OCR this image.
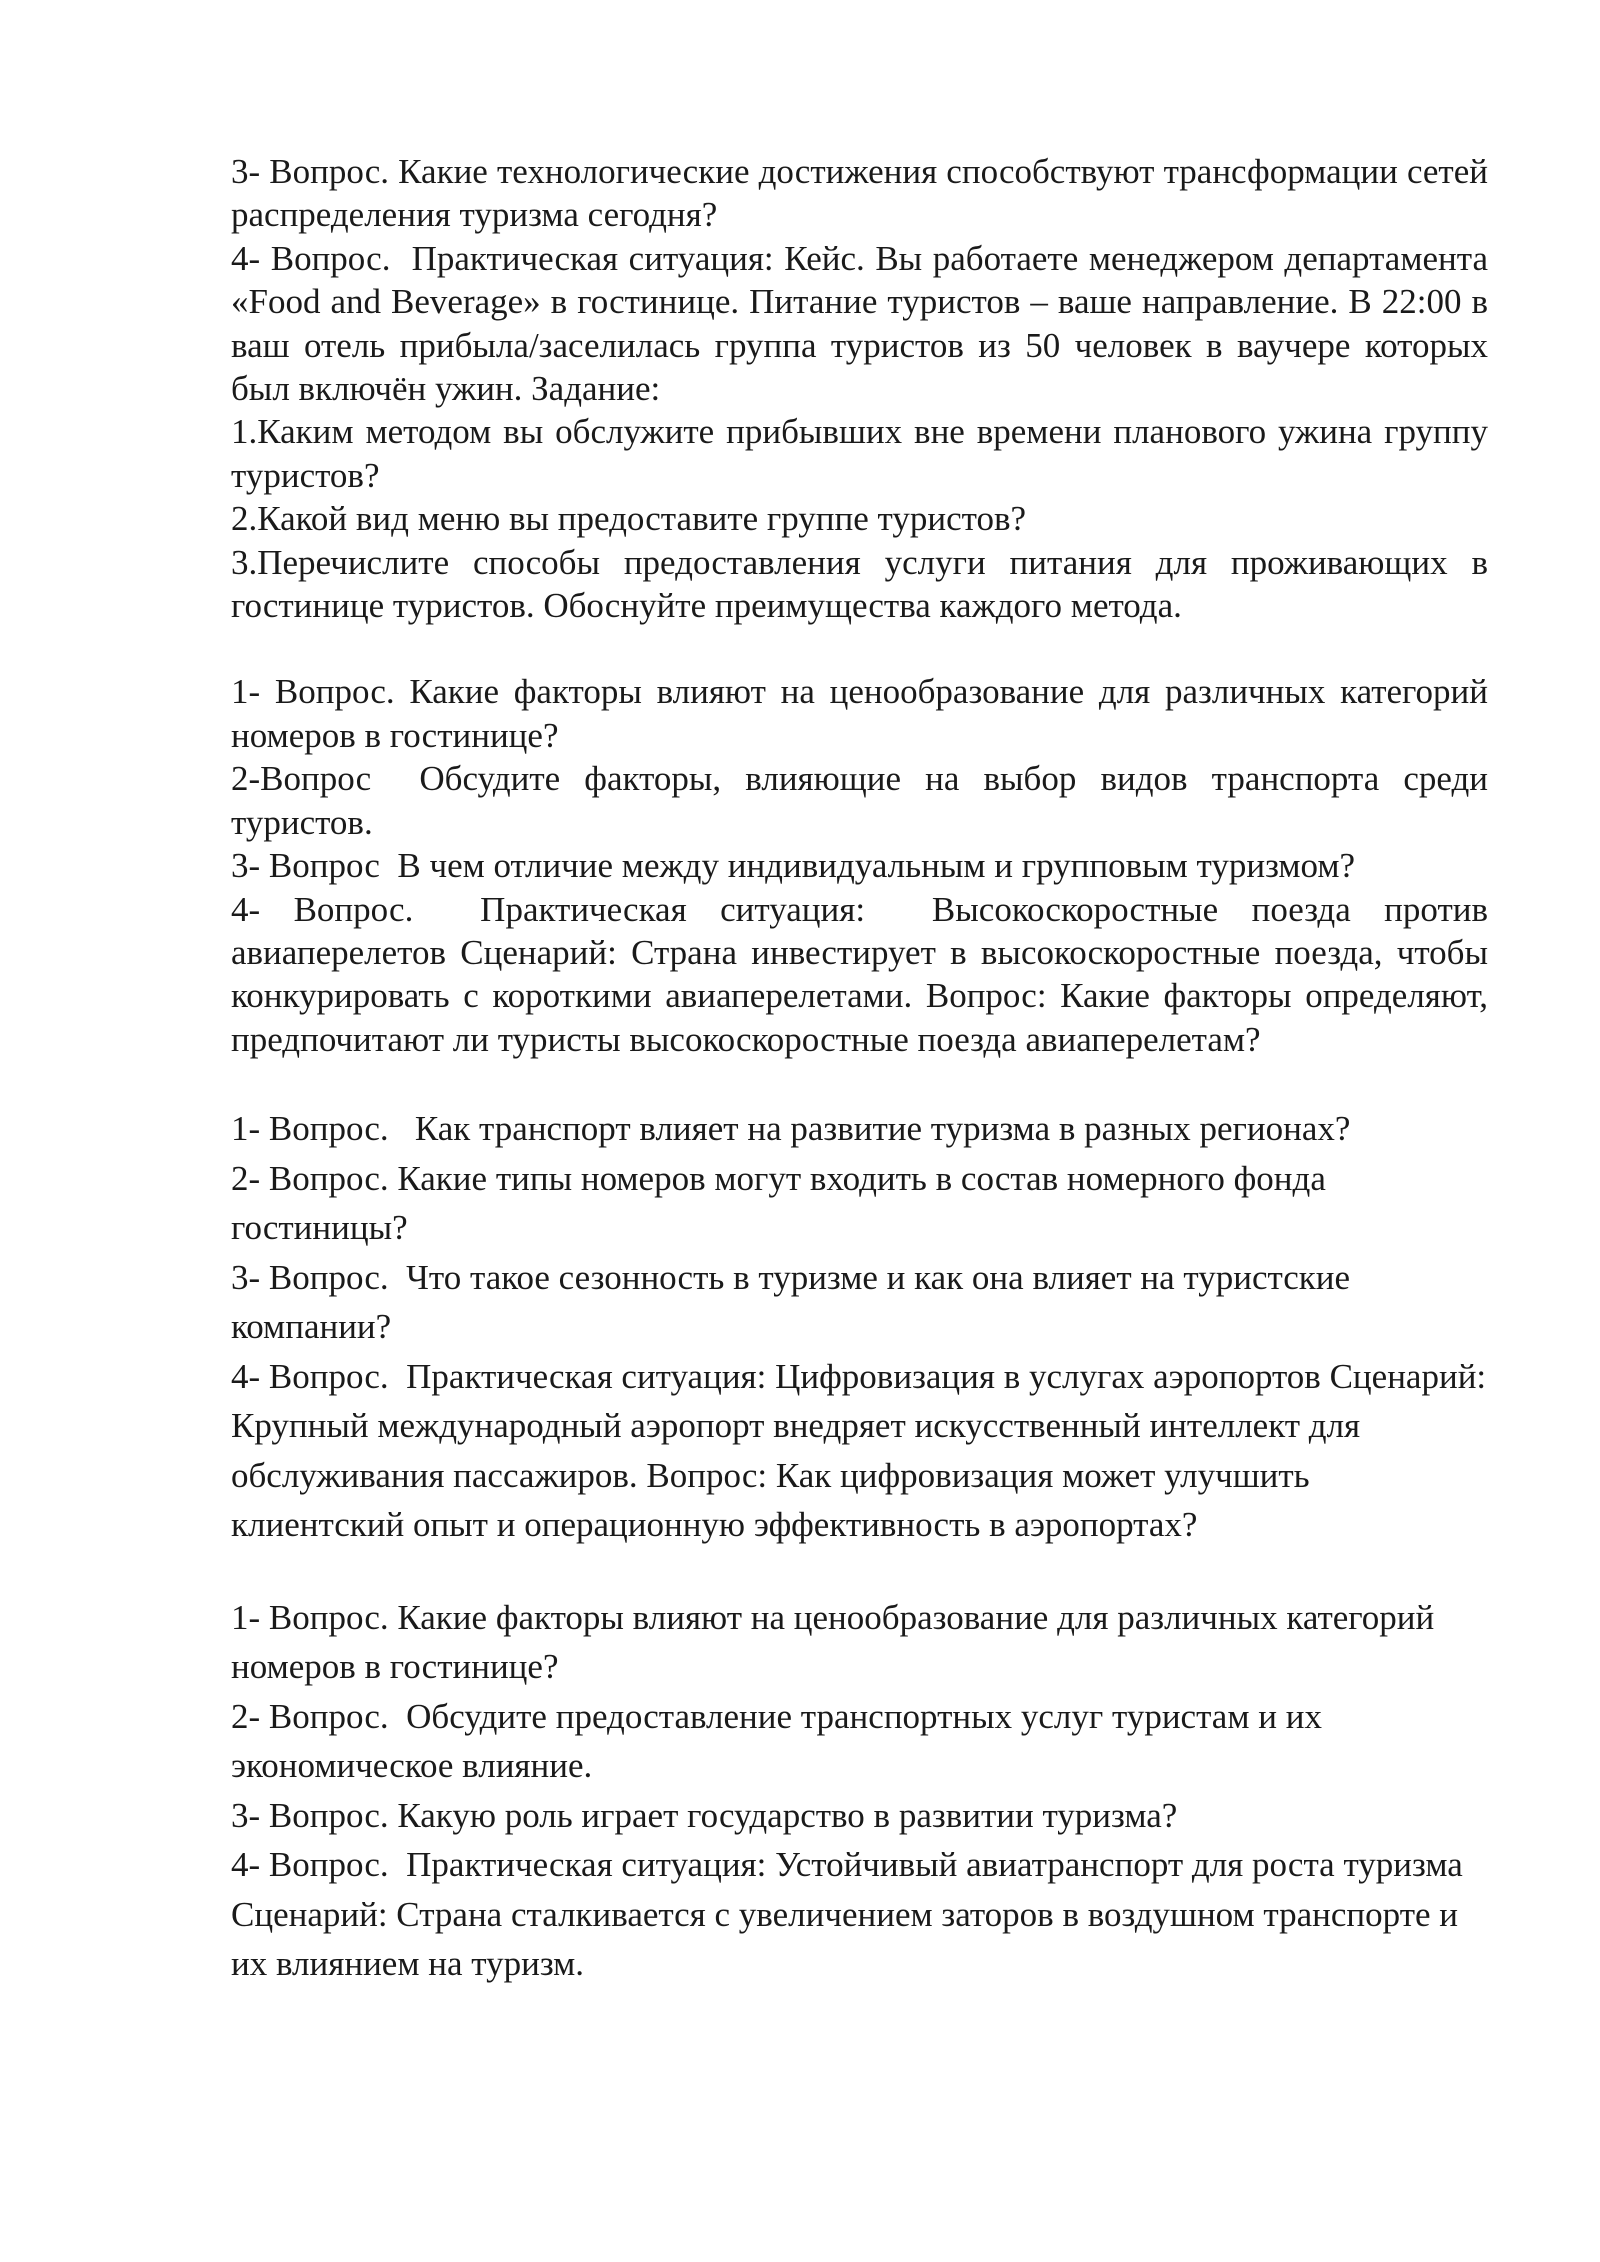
3- Вопрос. Какие технологические достижения способствуют трансформации сетей распределения туризма сегодня?

4- Вопрос.  Практическая ситуация: Кейс. Вы работаете менеджером департамента «Food and Beverage» в гостинице. Питание туристов – ваше направление. В 22:00 в ваш отель прибыла/заселилась группа туристов из 50 человек в ваучере которых был включён ужин. Задание:

1.Каким методом вы обслужите прибывших вне времени планового ужина группу туристов?

2.Какой вид меню вы предоставите группе туристов?

3.Перечислите способы предоставления услуги питания для проживающих в гостинице туристов. Обоснуйте преимущества каждого метода.

1- Вопрос. Какие факторы влияют на ценообразование для различных категорий номеров в гостинице?

2-Вопрос  Обсудите факторы, влияющие на выбор видов транспорта среди туристов.

3- Вопрос  В чем отличие между индивидуальным и групповым туризмом?

4- Вопрос.  Практическая ситуация:  Высокоскоростные поезда против авиаперелетов Сценарий: Страна инвестирует в высокоскоростные поезда, чтобы конкурировать с короткими авиаперелетами. Вопрос: Какие факторы определяют, предпочитают ли туристы высокоскоростные поезда авиаперелетам?

1- Вопрос.   Как транспорт влияет на развитие туризма в разных регионах?

2- Вопрос. Какие типы номеров могут входить в состав номерного фонда гостиницы?

3- Вопрос.  Что такое сезонность в туризме и как она влияет на туристские компании?

4- Вопрос.  Практическая ситуация: Цифровизация в услугах аэропортов Сценарий: Крупный международный аэропорт внедряет искусственный интеллект для обслуживания пассажиров. Вопрос: Как цифровизация может улучшить клиентский опыт и операционную эффективность в аэропортах?

1- Вопрос. Какие факторы влияют на ценообразование для различных категорий номеров в гостинице?

2- Вопрос.  Обсудите предоставление транспортных услуг туристам и их экономическое влияние.

3- Вопрос. Какую роль играет государство в развитии туризма?

4- Вопрос.  Практическая ситуация: Устойчивый авиатранспорт для роста туризма Сценарий: Страна сталкивается с увеличением заторов в воздушном транспорте и их влиянием на туризм.
